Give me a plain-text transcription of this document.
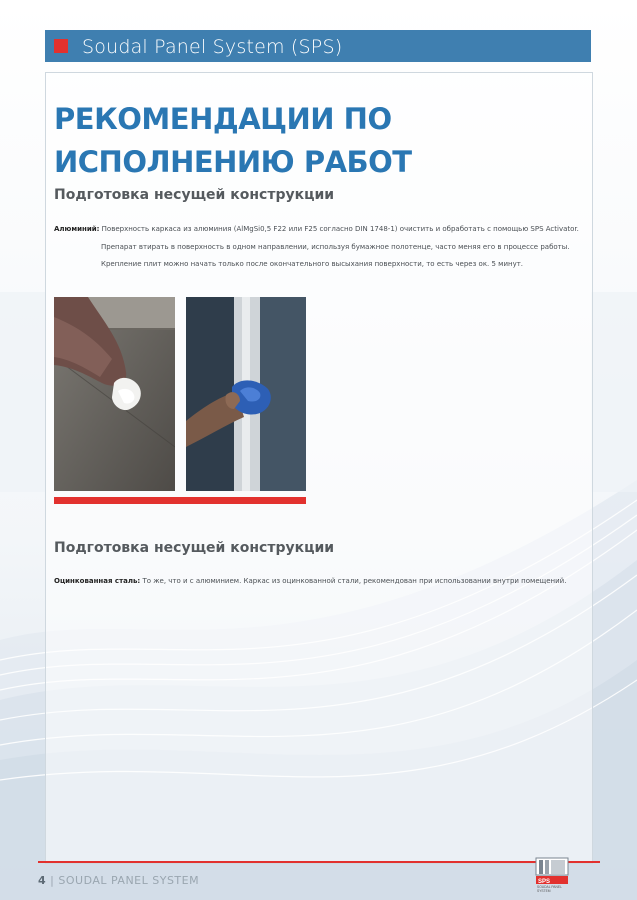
Soudal Panel System (SPS)
РЕКОМЕНДАЦИИ ПО ИСПОЛНЕНИЮ РАБОТ
Подготовка несущей конструкции
Алюминий: Поверхность каркаса из алюминия (AlMgSi0,5 F22 или F25 согласно DIN 1748-1) очистить и обработать с помощью SPS Activator.
Препарат втирать в поверхность в одном направлении, используя бумажное полотенце, часто меняя его в процессе работы.
Крепление плит можно начать только после окончательного высыхания поверхности, то есть через ок. 5 минут.
Подготовка несущей конструкции
Оцинкованная сталь: То же, что и с алюминием. Каркас из оцинкованной стали, рекомендован при использовании внутри помещений.
4 | SOUDAL PANEL SYSTEM	SPS
SOUDAL PANEL
SYSTEM
